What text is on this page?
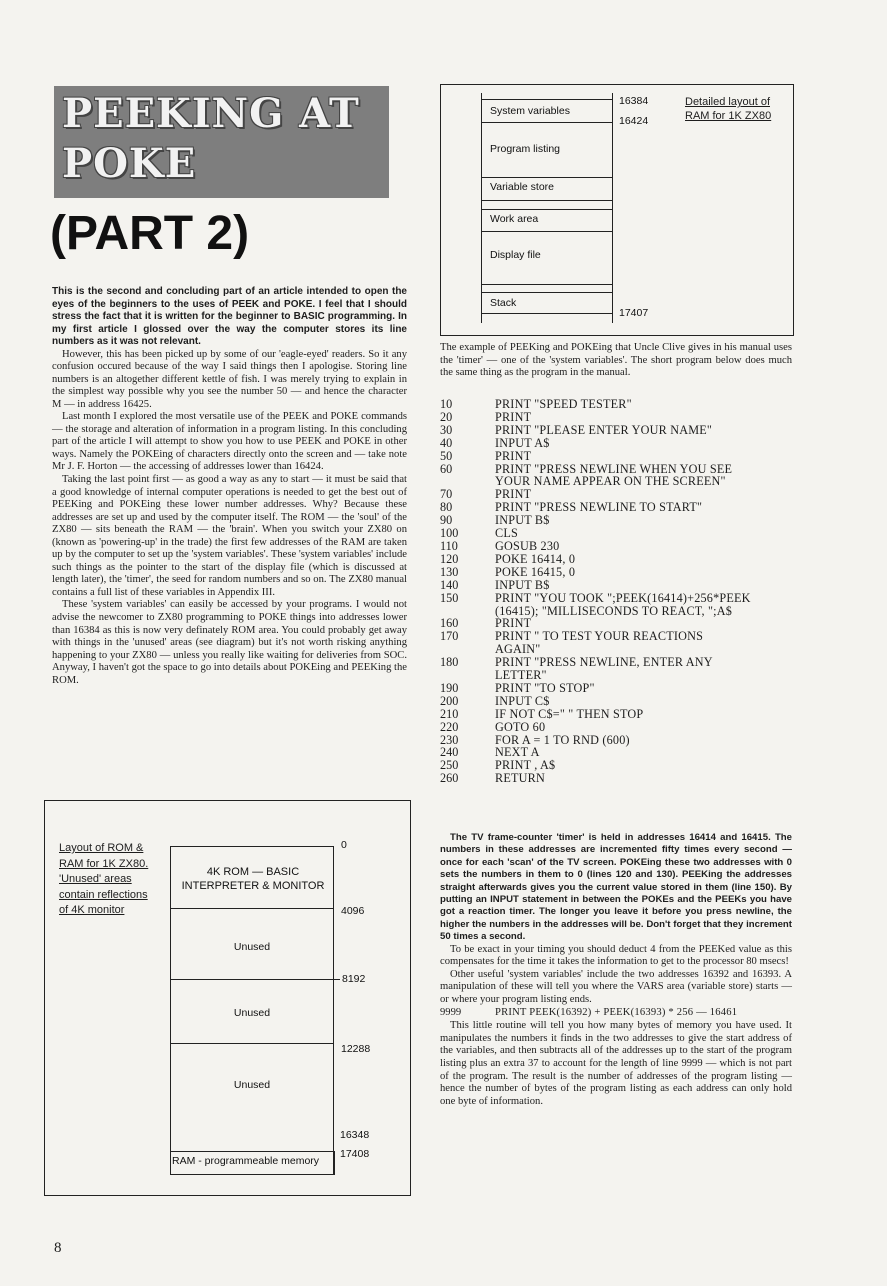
PEEKING AT
POKE
(PART 2)

This is the second and concluding part of an article intended to open the eyes of the beginners to the uses of PEEK and POKE. I feel that I should stress the fact that it is written for the beginner to BASIC programming. In my first article I glossed over the way the computer stores its line numbers as it was not relevant.

However, this has been picked up by some of our 'eagle-eyed' readers. So it any confusion occured because of the way I said things then I apologise. Storing line numbers is an altogether different kettle of fish. I was merely trying to explain in the simplest way possible why you see the number 50 — and hence the character M — in address 16425.

Last month I explored the most versatile use of the PEEK and POKE commands — the storage and alteration of information in a program listing. In this concluding part of the article I will attempt to show you how to use PEEK and POKE in other ways. Namely the POKEing of characters directly onto the screen and — take note Mr J. F. Horton — the accessing of addresses lower than 16424.

Taking the last point first — as good a way as any to start — it must be said that a good knowledge of internal computer operations is needed to get the best out of PEEKing and POKEing these lower number addresses. Why? Because these addresses are set up and used by the computer itself. The ROM — the 'soul' of the ZX80 — sits beneath the RAM — the 'brain'. When you switch your ZX80 on (known as 'powering-up' in the trade) the first few addresses of the RAM are taken up by the computer to set up the 'system variables'. These 'system variables' include such things as the pointer to the start of the display file (which is discussed at length later), the 'timer', the seed for random numbers and so on. The ZX80 manual contains a full list of these variables in Appendix III.

These 'system variables' can easily be accessed by your programs. I would not advise the newcomer to ZX80 programming to POKE things into addresses lower than 16384 as this is now very definately ROM area. You could probably get away with things in the 'unused' areas (see diagram) but it's not worth risking anything happening to your ZX80 — unless you really like waiting for deliveries from SOC. Anyway, I haven't got the space to go into details about POKEing and PEEKing the ROM.

Layout of ROM &
RAM for 1K ZX80.
'Unused' areas
contain reflections
of 4K monitor
4K ROM — BASIC
INTERPRETER & MONITOR
Unused
Unused
Unused
RAM - programmeable memory
0
4096
8192
12288
16348
17408
System variables
Program listing
Variable store
Work area
Display file
Stack
16384
16424
17407
Detailed layout of
RAM for 1K ZX80

The example of PEEKing and POKEing that Uncle Clive gives in his manual uses the 'timer' — one of the 'system variables'. The short program below does much the same thing as the program in the manual.

10	PRINT "SPEED TESTER"
20	PRINT
30	PRINT "PLEASE ENTER YOUR NAME"
40	INPUT A$
50	PRINT
60	PRINT "PRESS NEWLINE WHEN YOU SEE
YOUR NAME APPEAR ON THE SCREEN"
70	PRINT
80	PRINT "PRESS NEWLINE TO START"
90	INPUT B$
100	CLS
110	GOSUB 230
120	POKE 16414, 0
130	POKE 16415, 0
140	INPUT B$
150	PRINT "YOU TOOK ";PEEK(16414)+256*PEEK
(16415); "MILLISECONDS TO REACT, ";A$
160	PRINT
170	PRINT " TO TEST YOUR REACTIONS
AGAIN"
180	PRINT "PRESS NEWLINE, ENTER ANY
LETTER"
190	PRINT "TO STOP"
200	INPUT C$
210	IF NOT C$=" " THEN STOP
220	GOTO 60
230	FOR A = 1 TO RND (600)
240	NEXT A
250	PRINT , A$
260	RETURN

The TV frame-counter 'timer' is held in addresses 16414 and 16415. The numbers in these addresses are incremented fifty times every second — once for each 'scan' of the TV screen. POKEing these two addresses with 0 sets the numbers in them to 0 (lines 120 and 130). PEEKing the addresses straight afterwards gives you the current value stored in them (line 150). By putting an INPUT statement in between the POKEs and the PEEKs you have got a reaction timer. The longer you leave it before you press newline, the higher the numbers in the addresses will be. Don't forget that they increment 50 times a second.

To be exact in your timing you should deduct 4 from the PEEKed value as this compensates for the time it takes the information to get to the processor 80 msecs!

Other useful 'system variables' include the two addresses 16392 and 16393. A manipulation of these will tell you where the VARS area (variable store) starts — or where your program listing ends.

9999	PRINT PEEK(16392) + PEEK(16393) * 256 — 16461

This little routine will tell you how many bytes of memory you have used. It manipulates the numbers it finds in the two addresses to give the start address of the variables, and then subtracts all of the addresses up to the start of the program listing plus an extra 37 to account for the length of line 9999 — which is not part of the program. The result is the number of addresses of the program listing — hence the number of bytes of the program listing as each address can only hold one byte of information.

8
